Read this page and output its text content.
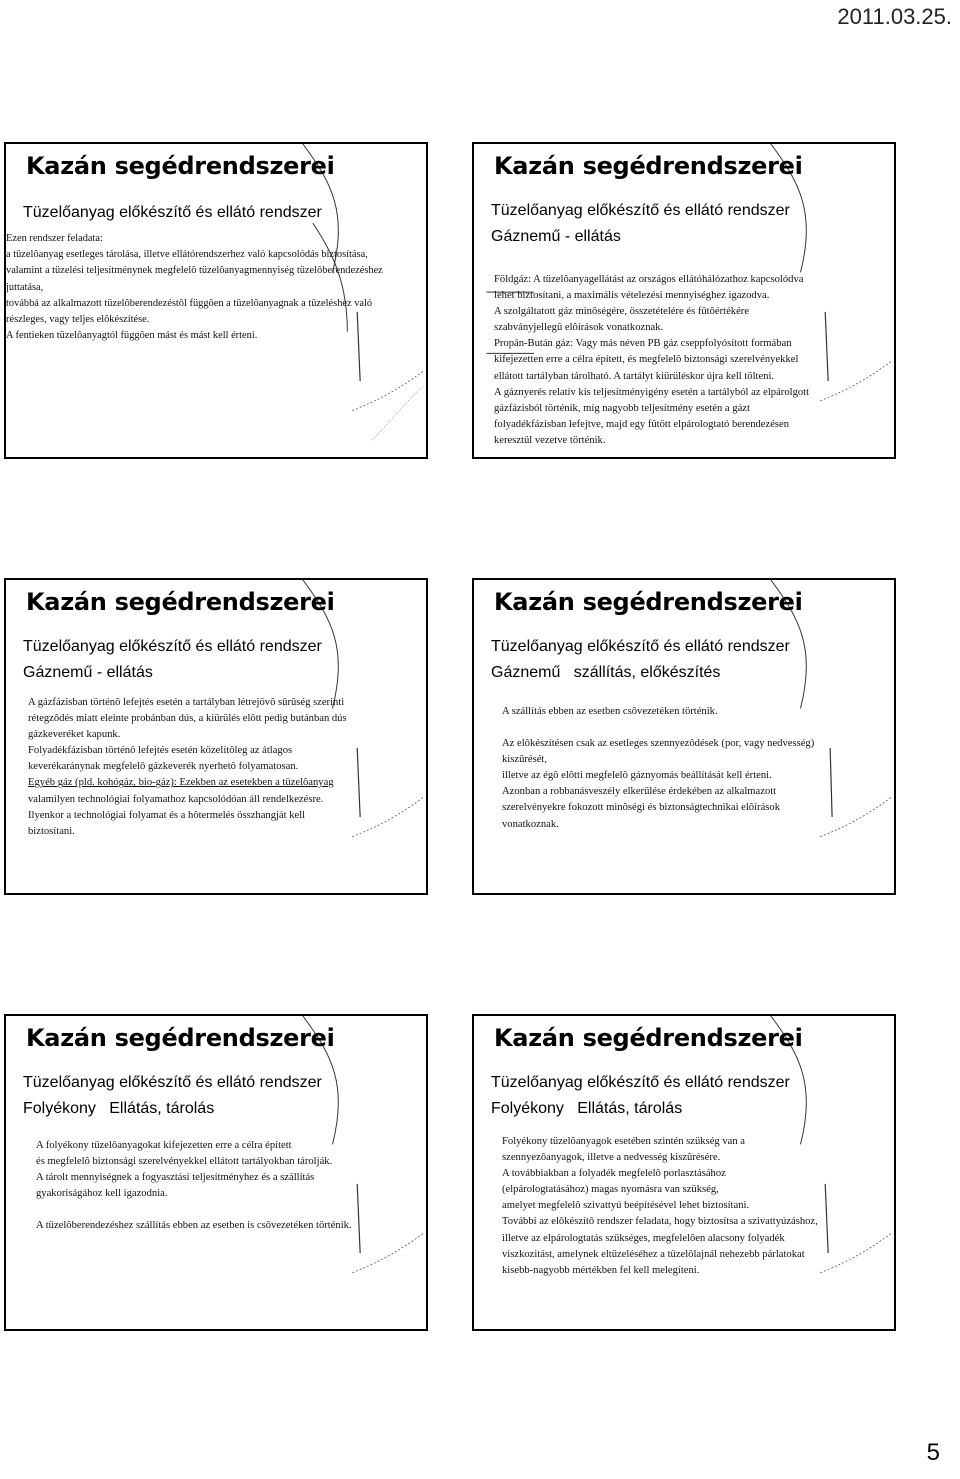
2011.03.25.
Kazán segédrendszerei
Tüzelőanyag előkészítő és ellátó rendszer
Ezen rendszer feladata:
a tüzelôanyag esetleges tárolása, illetve ellátórendszerhez való kapcsolódás biztosítása,
valamint a tüzelési teljesítménynek megfelelô tüzelôanyagmennyiség tüzelôberendezéshez
juttatása,
továbbá az alkalmazott tüzelôberendezéstôl függôen a tüzelôanyagnak a tüzeléshez való
részleges, vagy teljes elôkészítése.
A fentieken tüzelôanyagtól függôen mást és mást kell érteni.
Kazán segédrendszerei
Tüzelőanyag előkészítő és ellátó rendszer
Gáznemű - ellátás
Földgáz: A tüzelôanyagellátást az országos ellátóhálózathoz kapcsolódva
lehet biztosítani, a maximális vételezési mennyiséghez igazodva.
A szolgáltatott gáz minôségére, összetételére és fûtôértékére
szabványjellegû elôírások vonatkoznak.
Propán-Bután gáz: Vagy más néven PB gáz cseppfolyósított formában
kifejezetten erre a célra épített, és megfelelô biztonsági szerelvényekkel
ellátott tartályban tárolható. A tartályt kiürüléskor újra kell tölteni.
A gáznyerés relatív kis teljesítményigény esetén a tartályból az elpárolgott
gázfázisból történik, míg nagyobb teljesítmény esetén a gázt
folyadékfázisban lefejtve, majd egy fûtött elpárologtató berendezésen
keresztül vezetve történik.
Kazán segédrendszerei
Tüzelőanyag előkészítő és ellátó rendszer
Gáznemű - ellátás
A gázfázisban történô lefejtés esetén a tartályban létrejövô sûrûség szerinti
rétegzôdés miatt eleinte probánban dús, a kiürülés elôtt pedig butánban dús
gázkeveréket kapunk.
Folyadékfázisban történô lefejtés esetén közelítôleg az átlagos
keverékaránynak megfelelô gázkeverék nyerhetô folyamatosan.
Egyéb gáz (pld. kohógáz, bio-gáz): Ezekben az esetekben a tüzelôanyag
valamilyen technológiai folyamathoz kapcsolódóan áll rendelkezésre.
Ilyenkor a technológiai folyamat és a hôtermelés összhangját kell
biztosítani.
Kazán segédrendszerei
Tüzelőanyag előkészítő és ellátó rendszer
Gáznemű   szállítás, előkészítés
A szállítás ebben az esetben csôvezetéken történik.
Az elôkészítésen csak az esetleges szennyezôdések (por, vagy nedvesség)
kiszûrését,
illetve az égô elôtti megfelelô gáznyomás beállítását kell érteni.
Azonban a robbanásveszély elkerülése érdekében az alkalmazott
szerelvényekre fokozott minôségi és biztonságtechnikai elôírások
vonatkoznak.
Kazán segédrendszerei
Tüzelőanyag előkészítő és ellátó rendszer
Folyékony   Ellátás, tárolás
A folyékony tüzelôanyagokat kifejezetten erre a célra épített
és megfelelô biztonsági szerelvényekkel ellátott tartályokban tárolják.
A tárolt mennyiségnek a fogyasztási teljesítményhez és a szállítás
gyakoriságához kell igazodnia.
A tüzelôberendezéshez szállítás ebben az esetben is csôvezetéken történik.
Kazán segédrendszerei
Tüzelőanyag előkészítő és ellátó rendszer
Folyékony   Ellátás, tárolás
Folyékony tüzelôanyagok esetében szintén szükség van a
szennyezôanyagok, illetve a nedvesség kiszûrésére.
A továbbiakban a folyadék megfelelô porlasztásához
(elpárologtatásához) magas nyomásra van szükség,
amelyet megfelelô szivattyú beépítésével lehet biztosítani.
További az elôkészítô rendszer feladata, hogy biztosítsa a szivattyúzáshoz,
illetve az elpárologtatás szükséges, megfelelôen alacsony folyadék
viszkozitást, amelynek eltüzeléséhez a tüzelôlajnál nehezebb párlatokat
kisebb-nagyobb mértékben fel kell melegíteni.
5
